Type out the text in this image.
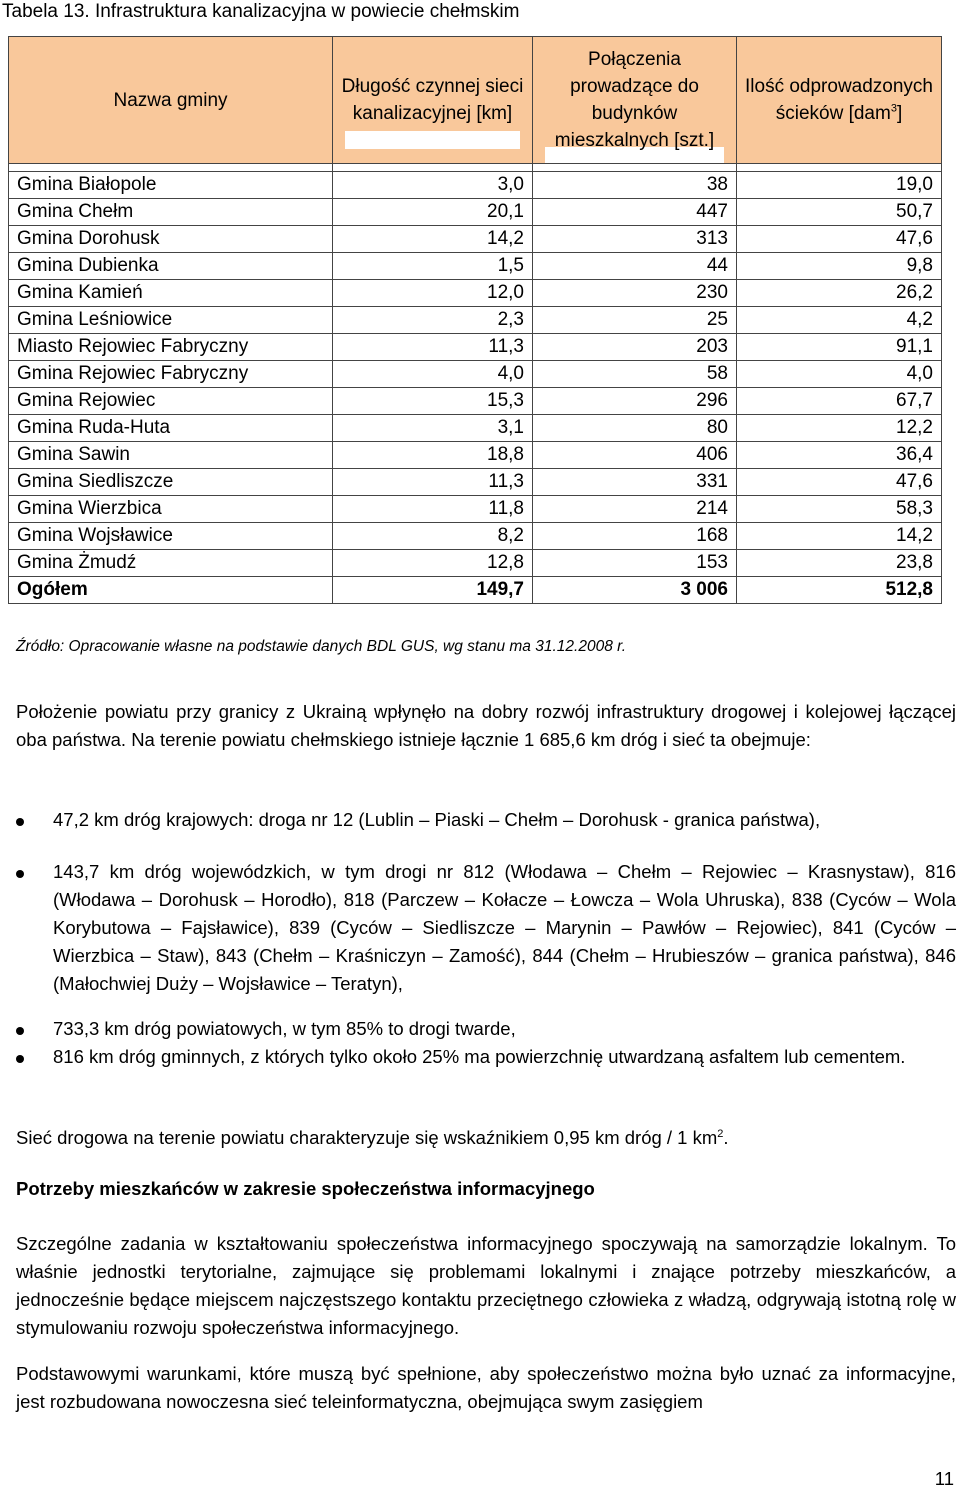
Tabela 13. Infrastruktura kanalizacyjna w powiecie chełmskim
Nazwa gminy	Długość czynnej sieci kanalizacyjnej [km]	Połączenia prowadzące do budynków mieszkalnych [szt.]	Ilość odprowadzonych ścieków [dam$^3$]

Gmina Białopole	3,0	38	19,0
Gmina Chełm	20,1	447	50,7
Gmina Dorohusk	14,2	313	47,6
Gmina Dubienka	1,5	44	9,8
Gmina Kamień	12,0	230	26,2
Gmina Leśniowice	2,3	25	4,2
Miasto Rejowiec Fabryczny	11,3	203	91,1
Gmina Rejowiec Fabryczny	4,0	58	4,0
Gmina Rejowiec	15,3	296	67,7
Gmina Ruda-Huta	3,1	80	12,2
Gmina Sawin	18,8	406	36,4
Gmina Siedliszcze	11,3	331	47,6
Gmina Wierzbica	11,8	214	58,3
Gmina Wojsławice	8,2	168	14,2
Gmina Żmudź	12,8	153	23,8
Ogółem	149,7	3 006	512,8
Źródło: Opracowanie własne na podstawie danych BDL GUS, wg stanu ma 31.12.2008 r.
Położenie powiatu przy granicy z Ukrainą wpłynęło na dobry rozwój infrastruktury drogowej i kolejowej łączącej oba państwa. Na terenie powiatu chełmskiego istnieje łącznie 1 685,6 km dróg i sieć ta obejmuje:
47,2 km dróg krajowych: droga nr 12 (Lublin – Piaski – Chełm – Dorohusk - granica państwa),
143,7 km dróg wojewódzkich, w tym drogi nr 812 (Włodawa – Chełm – Rejowiec – Krasnystaw), 816 (Włodawa – Dorohusk – Horodło), 818 (Parczew – Kołacze – Łowcza – Wola Uhruska), 838 (Cyców – Wola Korybutowa – Fajsławice), 839 (Cyców – Siedliszcze – Marynin – Pawłów – Rejowiec), 841 (Cyców – Wierzbica – Staw), 843 (Chełm – Kraśniczyn – Zamość), 844 (Chełm – Hrubieszów – granica państwa), 846 (Małochwiej Duży – Wojsławice – Teratyn),
733,3 km dróg powiatowych, w tym 85% to drogi twarde,
816 km dróg gminnych, z których tylko około 25% ma powierzchnię utwardzaną asfaltem lub cementem.
Sieć drogowa na terenie powiatu charakteryzuje się wskaźnikiem 0,95 km dróg / 1 $km^2$.
Potrzeby mieszkańców w zakresie społeczeństwa informacyjnego
Szczególne zadania w kształtowaniu społeczeństwa informacyjnego spoczywają na samorządzie lokalnym. To właśnie jednostki terytorialne, zajmujące się problemami lokalnymi i znające potrzeby mieszkańców, a jednocześnie będące miejscem najczęstszego kontaktu przeciętnego człowieka z władzą, odgrywają istotną rolę w stymulowaniu rozwoju społeczeństwa informacyjnego.
Podstawowymi warunkami, które muszą być spełnione, aby społeczeństwo można było uznać za informacyjne, jest rozbudowana nowoczesna sieć teleinformatyczna, obejmująca swym zasięgiem
11
